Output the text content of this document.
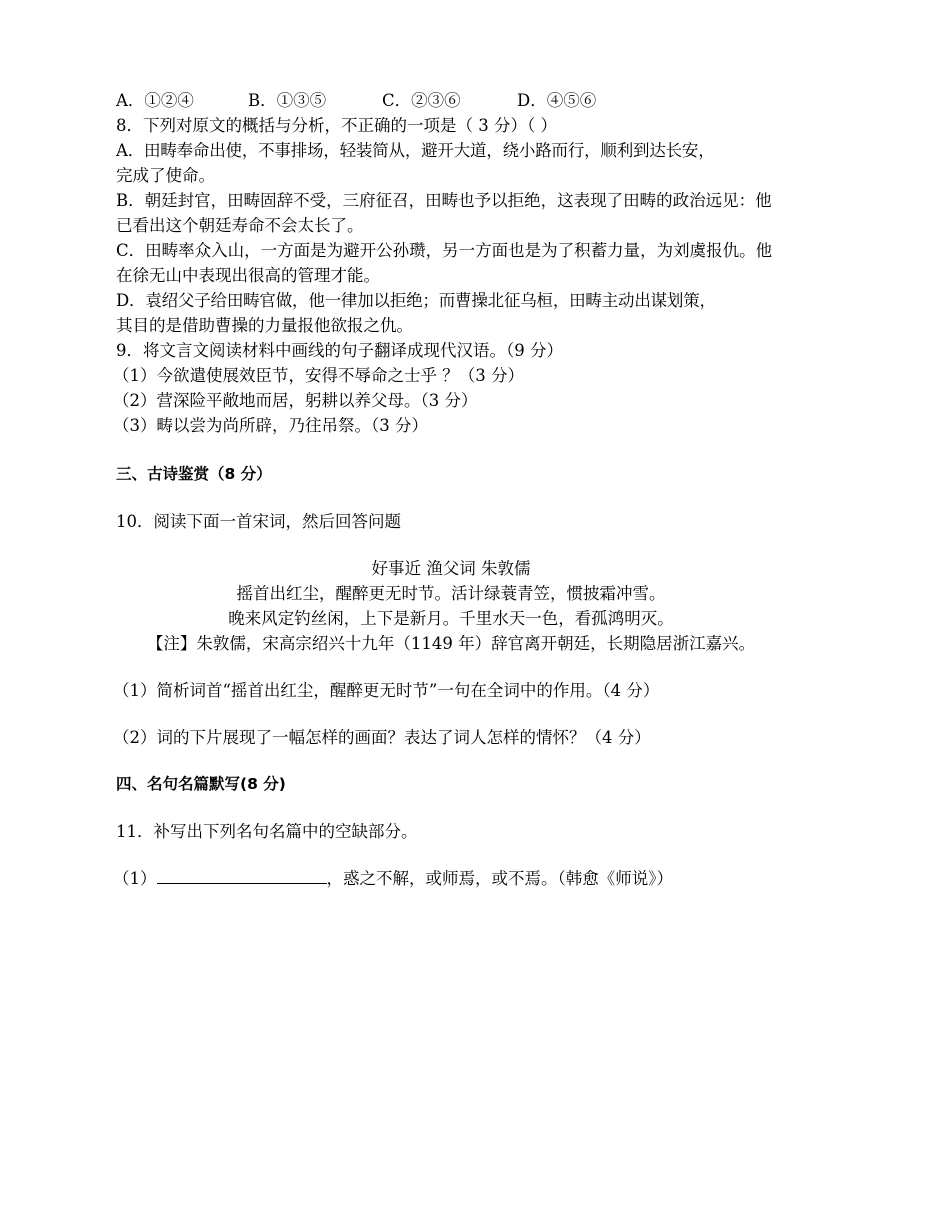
A．①②④	B．①③⑤	C．②③⑥	D．④⑤⑥
8．下列对原文的概括与分析，不正确的一项是（ 3 分）（ ）
A．田畴奉命出使，不事排场，轻装简从，避开大道，绕小路而行，顺利到达长安，
完成了使命。
B．朝廷封官，田畴固辞不受，三府征召，田畴也予以拒绝，这表现了田畴的政治远见：他已看出这个朝廷寿命不会太长了。
C．田畴率众入山，一方面是为避开公孙瓒，另一方面也是为了积蓄力量，为刘虞报仇。他在徐无山中表现出很高的管理才能。
D．袁绍父子给田畴官做，他一律加以拒绝；而曹操北征乌桓，田畴主动出谋划策，
其目的是借助曹操的力量报他欲报之仇。
9．将文言文阅读材料中画线的句子翻译成现代汉语。（9 分）
（1）今欲遣使展效臣节，安得不辱命之士乎 ？（3 分）
（2）营深险平敞地而居，躬耕以养父母。（3 分）
（3）畴以尝为尚所辟，乃往吊祭。（3 分）
三、古诗鉴赏（8 分）
10．阅读下面一首宋词，然后回答问题
好事近 渔父词 朱敦儒
摇首出红尘，醒醉更无时节。活计绿蓑青笠，惯披霜冲雪。
晚来风定钓丝闲，上下是新月。千里水天一色，看孤鸿明灭。
【注】朱敦儒，宋高宗绍兴十九年（1149 年）辞官离开朝廷，长期隐居浙江嘉兴。
（1）简析词首“摇首出红尘，醒醉更无时节”一句在全词中的作用。（4 分）
（2）词的下片展现了一幅怎样的画面？表达了词人怎样的情怀？（4 分）
四、名句名篇默写(8 分)
11．补写出下列名句名篇中的空缺部分。
（1）	，惑之不解，或师焉，或不焉。（韩愈《师说》）
